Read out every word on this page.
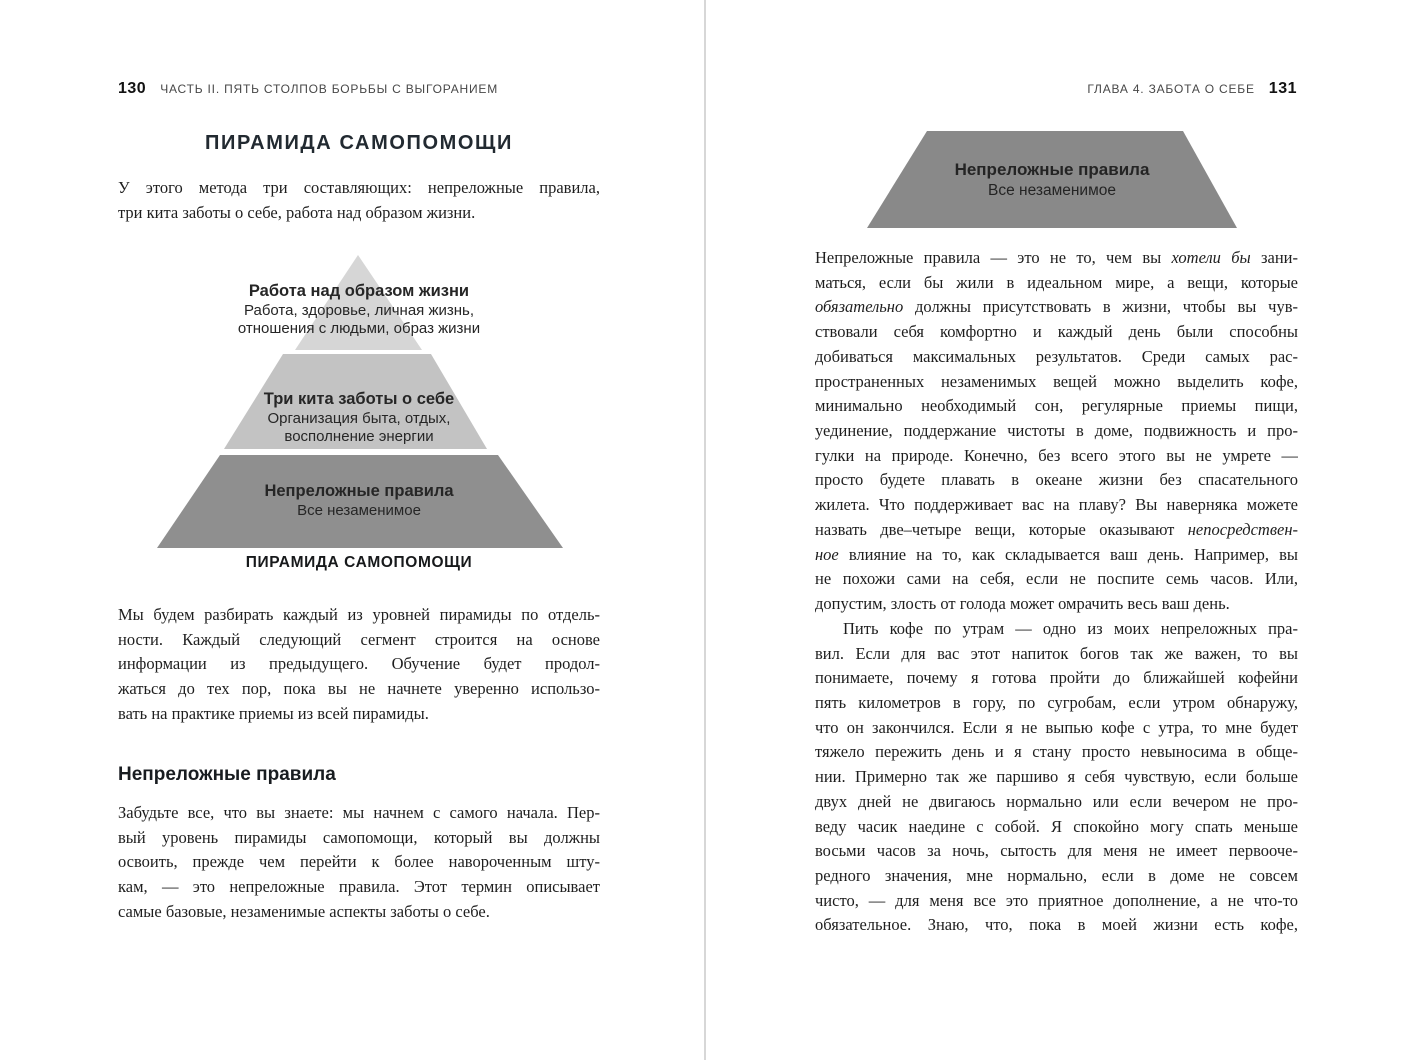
130 ЧАСТЬ II. ПЯТЬ СТОЛПОВ БОРЬБЫ С ВЫГОРАНИЕМ
ПИРАМИДА САМОПОМОЩИ
У этого метода три составляющих: непреложные правила,
три кита заботы о себе, работа над образом жизни.
Работа над образом жизни
Работа, здоровье, личная жизнь,
отношения с людьми, образ жизни
Три кита заботы о себе
Организация быта, отдых,
восполнение энергии
Непреложные правила
Все незаменимое
ПИРАМИДА САМОПОМОЩИ
Мы будем разбирать каждый из уровней пирамиды по отдель-
ности. Каждый следующий сегмент строится на основе
информации из предыдущего. Обучение будет продол-
жаться до тех пор, пока вы не начнете уверенно использо-
вать на практике приемы из всей пирамиды.
Непреложные правила
Забудьте все, что вы знаете: мы начнем с самого начала. Пер-
вый уровень пирамиды самопомощи, который вы должны
освоить, прежде чем перейти к более навороченным шту-
кам, — это непреложные правила. Этот термин описывает
самые базовые, незаменимые аспекты заботы о себе.
ГЛАВА 4. ЗАБОТА О СЕБЕ 131
Непреложные правила
Все незаменимое
Непреложные правила — это не то, чем вы хотели бы зани-
маться, если бы жили в идеальном мире, а вещи, которые
обязательно должны присутствовать в жизни, чтобы вы чув-
ствовали себя комфортно и каждый день были способны
добиваться максимальных результатов. Среди самых рас-
пространенных незаменимых вещей можно выделить кофе,
минимально необходимый сон, регулярные приемы пищи,
уединение, поддержание чистоты в доме, подвижность и про-
гулки на природе. Конечно, без всего этого вы не умрете —
просто будете плавать в океане жизни без спасательного
жилета. Что поддерживает вас на плаву? Вы наверняка можете
назвать две–четыре вещи, которые оказывают непосредствен-
ное влияние на то, как складывается ваш день. Например, вы
не похожи сами на себя, если не поспите семь часов. Или,
допустим, злость от голода может омрачить весь ваш день.
Пить кофе по утрам — одно из моих непреложных пра-
вил. Если для вас этот напиток богов так же важен, то вы
понимаете, почему я готова пройти до ближайшей кофейни
пять километров в гору, по сугробам, если утром обнаружу,
что он закончился. Если я не выпью кофе с утра, то мне будет
тяжело пережить день и я стану просто невыносима в обще-
нии. Примерно так же паршиво я себя чувствую, если больше
двух дней не двигаюсь нормально или если вечером не про-
веду часик наедине с собой. Я спокойно могу спать меньше
восьми часов за ночь, сытость для меня не имеет первооче-
редного значения, мне нормально, если в доме не совсем
чисто, — для меня все это приятное дополнение, а не что-то
обязательное. Знаю, что, пока в моей жизни есть кофе,
